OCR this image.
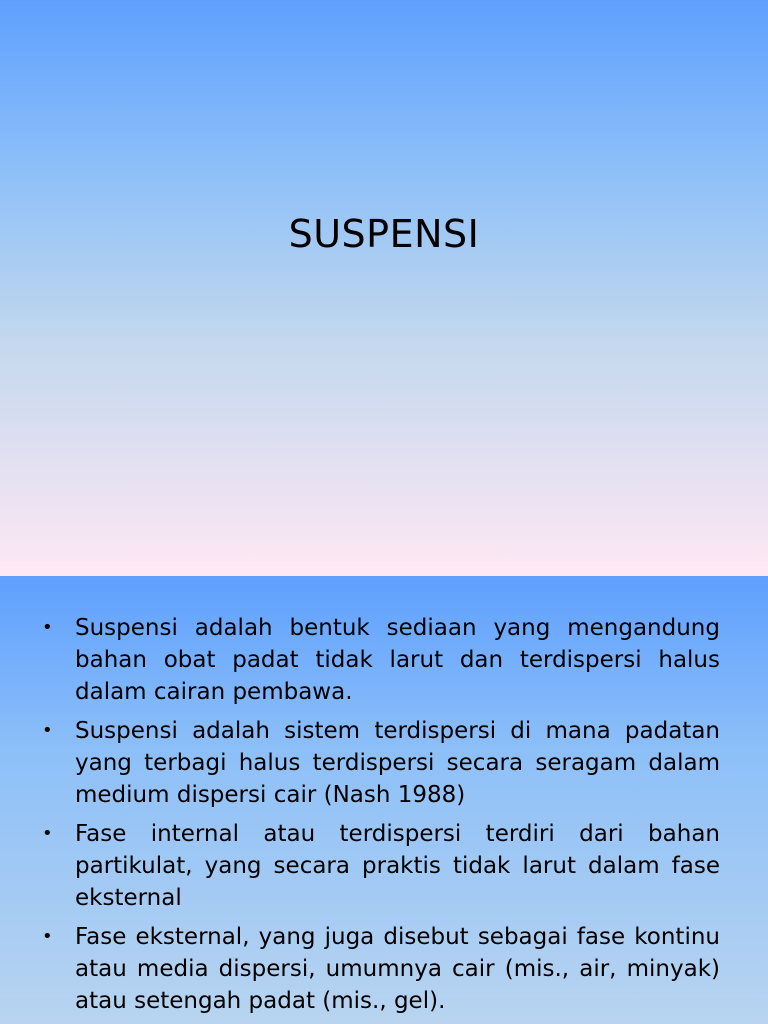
SUSPENSI
• Suspensi adalah bentuk sediaan yang mengandung bahan obat padat tidak larut dan terdispersi halus dalam cairan pembawa.
• Suspensi adalah sistem terdispersi di mana padatan yang terbagi halus terdispersi secara seragam dalam medium dispersi cair (Nash 1988)
• Fase internal atau terdispersi terdiri dari bahan partikulat, yang secara praktis tidak larut dalam fase eksternal
• Fase eksternal, yang juga disebut sebagai fase kontinu atau media dispersi, umumnya cair (mis., air, minyak) atau setengah padat (mis., gel).
